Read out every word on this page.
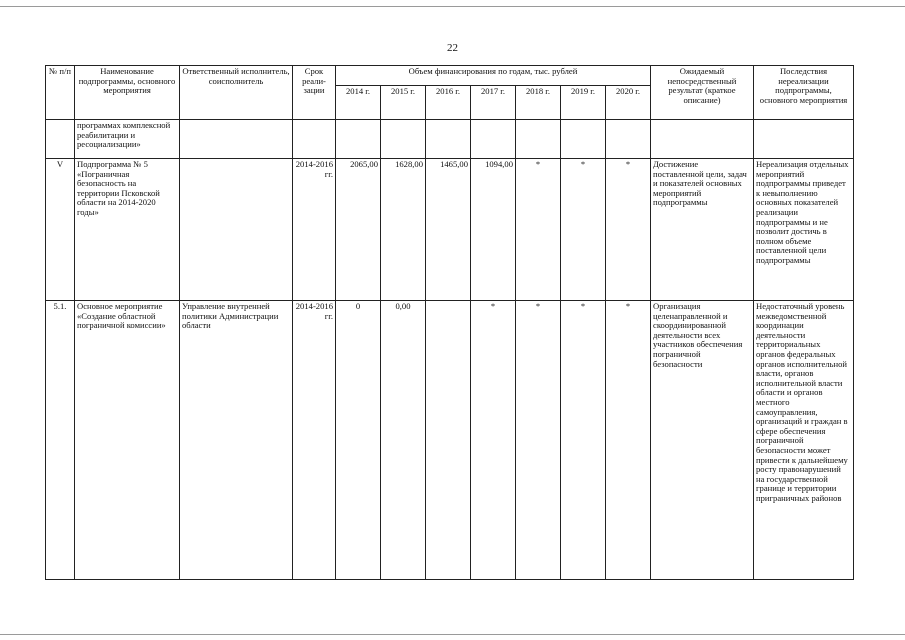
22
№ п/п	Наименование подпрограммы, основного мероприятия	Ответственный исполнитель, соисполнитель	Срок реали-зации	Объем финансирования по годам, тыс. рублей							Ожидаемый непосредственный результат (краткое описание)	Последствия нереализации подпрограммы, основного мероприятия
				2014 г.	2015 г.	2016 г.	2017 г.	2018 г.	2019 г.	2020 г.		
	программах комплексной реабилитации и ресоциализации»											
V	Подпрограмма № 5 «Пограничная безопасность на территории Псковской области на 2014-2020 годы»		2014-2016 гг.	2065,00	1628,00	1465,00	1094,00	*	*	*	Достижение поставленной цели, задач и показателей основных мероприятий подпрограммы	Нереализация отдельных мероприятий подпрограммы приведет к невыполнению основных показателей реализации подпрограммы и не позволит достичь в полном объеме поставленной цели подпрограммы
5.1.	Основное мероприятие «Создание областной пограничной комиссии»	Управление внутренней политики Администрации области	2014-2016 гг.	0	0,00		*	*	*	*	Организация целенаправленной и скоординированной деятельности всех участников обеспечения пограничной безопасности	Недостаточный уровень межведомственной координации деятельности территориальных органов федеральных органов исполнительной власти, органов исполнительной власти области и органов местного самоуправления, организаций и граждан в сфере обеспечения пограничной безопасности может привести к дальнейшему росту правонарушений на государственной границе и территории приграничных районов
